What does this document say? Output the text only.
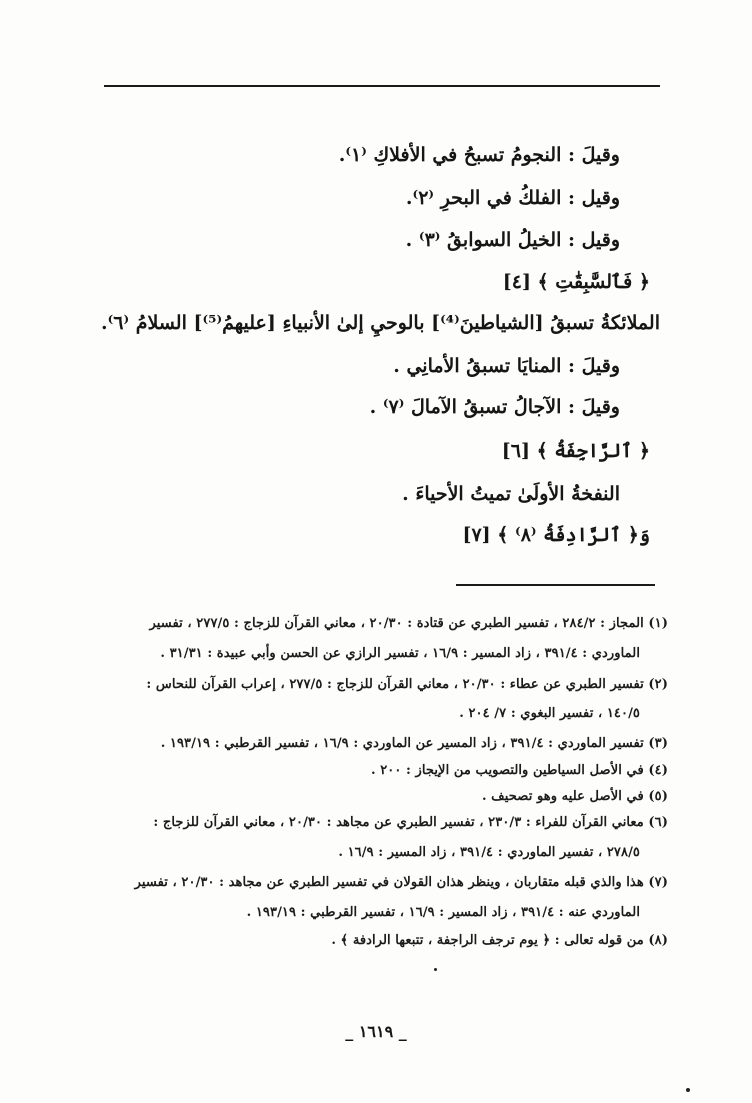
وقيلَ : النجومُ تسبحُ في الأفلاكِ ⁽١⁾.
وقيل : الفلكُ في البحرِ ⁽٢⁾.
وقيل : الخيلُ السوابقُ ⁽٣⁾ .
﴿ فَٱلسَّٰبِقَٰتِ ﴾ [٤]
الملائكةُ تسبقُ [الشياطينَ⁽⁴⁾] بالوحيِ إلىٰ الأنبياءِ [عليهمُ⁽⁵⁾] السلامُ ⁽٦⁾.
وقيلَ : المنايَا تسبقُ الأمانِي .
وقيلَ : الآجالُ تسبقُ الآمالَ ⁽٧⁾ .
﴿ ٱلرَّاجِفَةُ ﴾ [٦]
النفخةُ الأولَىٰ تميتُ الأحياءَ .
وَ﴿ ٱلرَّادِفَةُ ⁽٨⁾ ﴾ [٧]
(١) المجاز : ٢٨٤/٢ ، تفسير الطبري عن قتادة : ٢٠/٣٠ ، معاني القرآن للزجاج : ٢٧٧/٥ ، تفسير
الماوردي : ٣٩١/٤ ، زاد المسير : ١٦/٩ ، تفسير الرازي عن الحسن وأبي عبيدة : ٣١/٣١ .
(٢) تفسير الطبري عن عطاء : ٢٠/٣٠ ، معاني القرآن للزجاج : ٢٧٧/٥ ، إعراب القرآن للنحاس :
١٤٠/٥ ، تفسير البغوي : ٧/ ٢٠٤ .
(٣) تفسير الماوردي : ٣٩١/٤ ، زاد المسير عن الماوردي : ١٦/٩ ، تفسير القرطبي : ١٩٣/١٩ .
(٤) في الأصل السياطين والتصويب من الإيجاز : ٢٠٠ .
(٥) في الأصل عليه وهو تصحيف .
(٦) معاني القرآن للفراء : ٢٣٠/٣ ، تفسير الطبري عن مجاهد : ٢٠/٣٠ ، معاني القرآن للزجاج :
٢٧٨/٥ ، تفسير الماوردي : ٣٩١/٤ ، زاد المسير : ١٦/٩ .
(٧) هذا والذي قبله متقاربان ، وينظر هذان القولان في تفسير الطبري عن مجاهد : ٢٠/٣٠ ، تفسير
الماوردي عنه : ٣٩١/٤ ، زاد المسير : ١٦/٩ ، تفسير القرطبي : ١٩٣/١٩ .
(٨) من قوله تعالى : ﴿ يوم ترجف الراجفة ، تتبعها الرادفة ﴾ .
_ ١٦١٩ _
